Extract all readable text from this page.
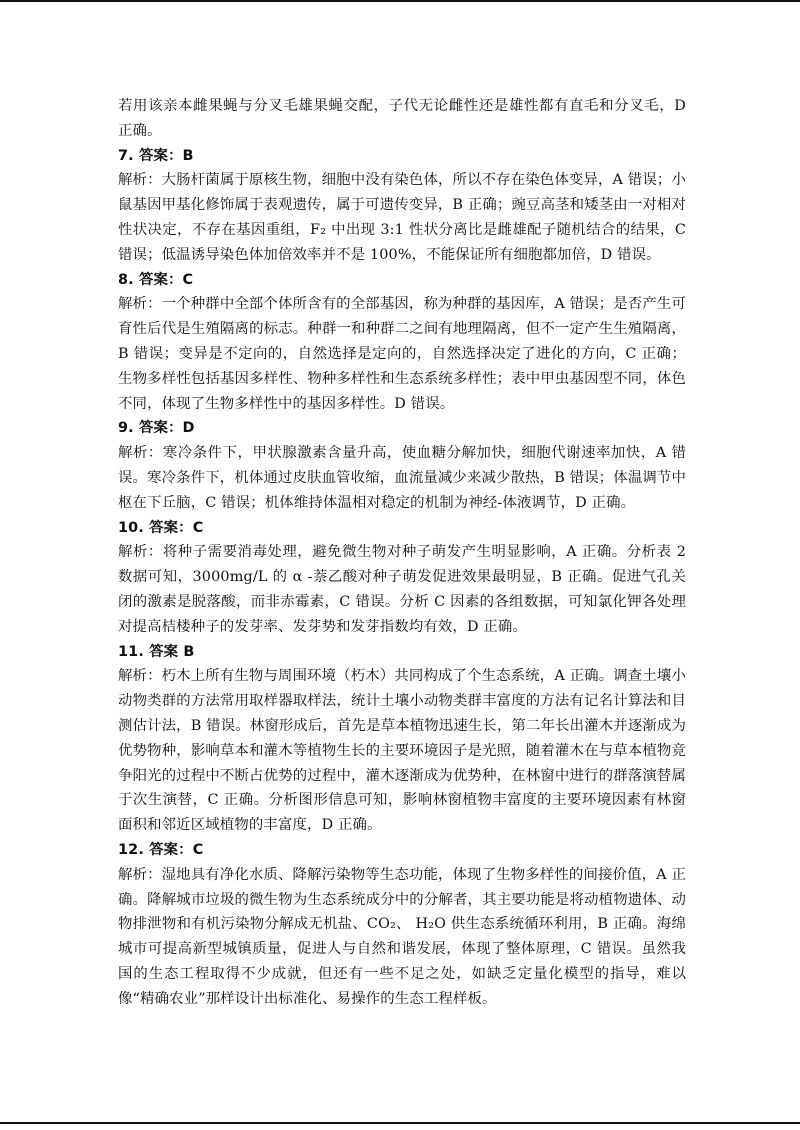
若用该亲本雌果蝇与分叉毛雄果蝇交配，子代无论雌性还是雄性都有直毛和分叉毛，D 正确。

7. 答案：B

解析：大肠杆菌属于原核生物，细胞中没有染色体，所以不存在染色体变异，A 错误；小鼠基因甲基化修饰属于表观遗传，属于可遗传变异，B 正确；豌豆高茎和矮茎由一对相对性状决定，不存在基因重组，F₂ 中出现 3:1 性状分离比是雌雄配子随机结合的结果，C 错误；低温诱导染色体加倍效率并不是 100%，不能保证所有细胞都加倍，D 错误。

8. 答案：C

解析：一个种群中全部个体所含有的全部基因，称为种群的基因库，A 错误；是否产生可育性后代是生殖隔离的标志。种群一和种群二之间有地理隔离，但不一定产生生殖隔离，B 错误；变异是不定向的，自然选择是定向的，自然选择决定了进化的方向，C 正确；生物多样性包括基因多样性、物种多样性和生态系统多样性；表中甲虫基因型不同，体色不同，体现了生物多样性中的基因多样性。D 错误。

9. 答案：D

解析：寒冷条件下，甲状腺激素含量升高，使血糖分解加快，细胞代谢速率加快，A 错误。寒冷条件下，机体通过皮肤血管收缩，血流量减少来减少散热，B 错误；体温调节中枢在下丘脑，C 错误；机体维持体温相对稳定的机制为神经-体液调节，D 正确。

10. 答案：C

解析：将种子需要消毒处理，避免微生物对种子萌发产生明显影响，A 正确。分析表 2 数据可知，3000mg/L 的 α -萘乙酸对种子萌发促进效果最明显，B 正确。促进气孔关闭的激素是脱落酸，而非赤霉素，C 错误。分析 C 因素的各组数据，可知氯化钾各处理对提高桔楼种子的发芽率、发芽势和发芽指数均有效，D 正确。

11. 答案 B

解析：朽木上所有生物与周围环境（朽木）共同构成了个生态系统，A 正确。调查土壤小动物类群的方法常用取样器取样法，统计土壤小动物类群丰富度的方法有记名计算法和目测估计法，B 错误。林窗形成后，首先是草本植物迅速生长，第二年长出灌木并逐渐成为优势物种，影响草本和灌木等植物生长的主要环境因子是光照，随着灌木在与草本植物竞争阳光的过程中不断占优势的过程中，灌木逐渐成为优势种，在林窗中进行的群落演替属于次生演替，C 正确。分析图形信息可知，影响林窗植物丰富度的主要环境因素有林窗面积和邻近区域植物的丰富度，D 正确。

12. 答案：C

解析：湿地具有净化水质、降解污染物等生态功能，体现了生物多样性的间接价值，A 正确。降解城市垃圾的微生物为生态系统成分中的分解者，其主要功能是将动植物遗体、动物排泄物和有机污染物分解成无机盐、CO₂、 H₂O 供生态系统循环利用，B 正确。海绵城市可提高新型城镇质量，促进人与自然和谐发展，体现了整体原理，C 错误。虽然我国的生态工程取得不少成就，但还有一些不足之处，如缺乏定量化模型的指导，难以像“精确农业”那样设计出标准化、易操作的生态工程样板。
